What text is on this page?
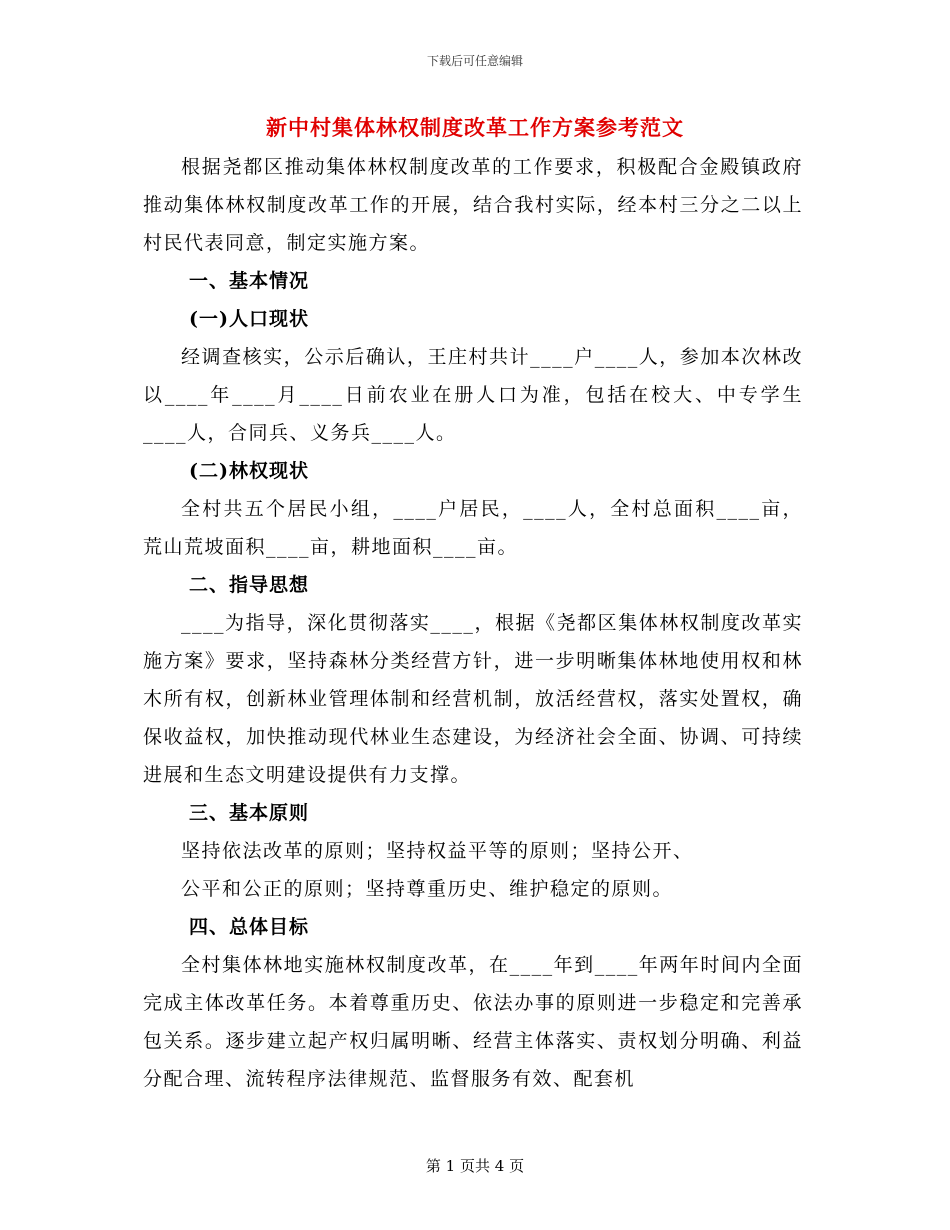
下载后可任意编辑
新中村集体林权制度改革工作方案参考范文

根据尧都区推动集体林权制度改革的工作要求，积极配合金殿镇政府推动集体林权制度改革工作的开展，结合我村实际，经本村三分之二以上村民代表同意，制定实施方案。

一、基本情况

(一)人口现状

经调查核实，公示后确认，王庄村共计____户____人，参加本次林改以____年____月____日前农业在册人口为准，包括在校大、中专学生____人，合同兵、义务兵____人。

(二)林权现状

全村共五个居民小组，____户居民，____人，全村总面积____亩，荒山荒坡面积____亩，耕地面积____亩。

二、指导思想

____为指导，深化贯彻落实____，根据《尧都区集体林权制度改革实施方案》要求，坚持森林分类经营方针，进一步明晰集体林地使用权和林木所有权，创新林业管理体制和经营机制，放活经营权，落实处置权，确保收益权，加快推动现代林业生态建设，为经济社会全面、协调、可持续进展和生态文明建设提供有力支撑。

三、基本原则

坚持依法改革的原则；坚持权益平等的原则；坚持公开、

公平和公正的原则；坚持尊重历史、维护稳定的原则。

四、总体目标

全村集体林地实施林权制度改革，在____年到____年两年时间内全面完成主体改革任务。本着尊重历史、依法办事的原则进一步稳定和完善承包关系。逐步建立起产权归属明晰、经营主体落实、责权划分明确、利益分配合理、流转程序法律规范、监督服务有效、配套机

第 1 页共 4 页
